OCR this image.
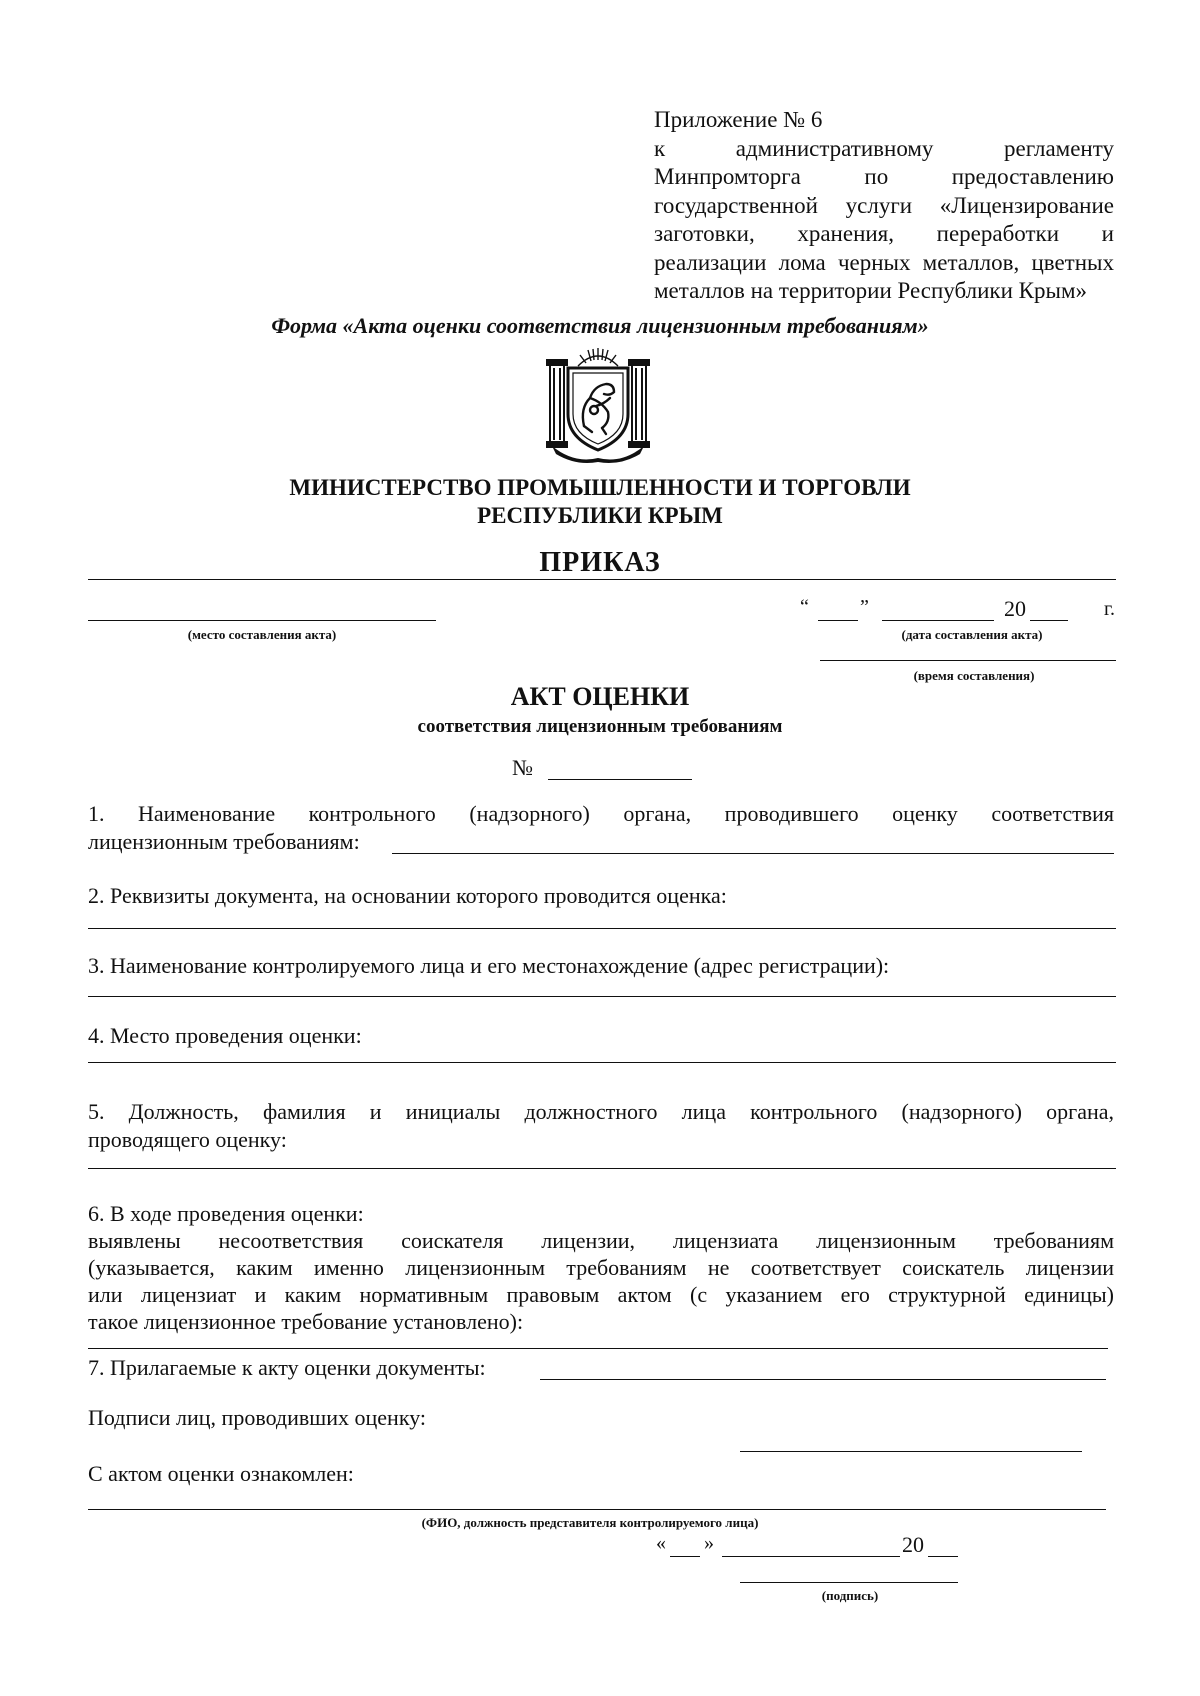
Приложение № 6
к административному регламенту
Минпромторга по предоставлению
государственной услуги «Лицензирование
заготовки, хранения, переработки и
реализации лома черных металлов, цветных
металлов на территории Республики Крым»
Форма «Акта оценки соответствия лицензионным требованиям»
МИНИСТЕРСТВО ПРОМЫШЛЕННОСТИ И ТОРГОВЛИ
РЕСПУБЛИКИ КРЫМ
ПРИКАЗ
(место составления акта)
“	”	20	г.
(дата составления акта)
(время составления)
АКТ ОЦЕНКИ
соответствия лицензионным требованиям
№
1. Наименование контрольного (надзорного) органа, проводившего оценку соответствия
лицензионным требованиям:
2. Реквизиты документа, на основании которого проводится оценка:
3. Наименование контролируемого лица и его местонахождение (адрес регистрации):
4. Место проведения оценки:
5. Должность, фамилия и инициалы должностного лица контрольного (надзорного) органа,
проводящего оценку:
6. В ходе проведения оценки:
выявлены несоответствия соискателя лицензии, лицензиата лицензионным требованиям
(указывается, каким именно лицензионным требованиям не соответствует соискатель лицензии
или лицензиат и каким нормативным правовым актом (с указанием его структурной единицы)
такое лицензионное требование установлено):
7. Прилагаемые к акту оценки документы:
Подписи лиц, проводивших оценку:
С актом оценки ознакомлен:
(ФИО, должность представителя контролируемого лица)
« »	20
(подпись)
